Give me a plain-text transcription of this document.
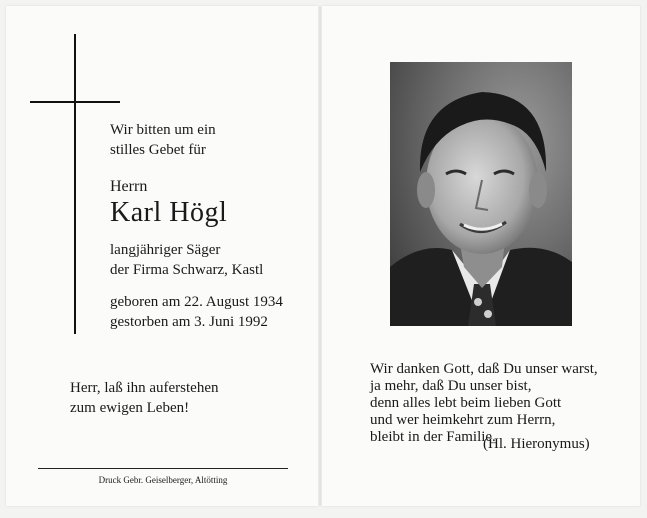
Wir bitten um ein
stilles Gebet für
Herrn
Karl Högl
langjähriger Säger
der Firma Schwarz, Kastl
geboren am 22. August 1934
gestorben am 3. Juni 1992
Herr, laß ihn auferstehen
zum ewigen Leben!
Druck Gebr. Geiselberger, Altötting
Wir danken Gott, daß Du unser warst,
ja mehr, daß Du unser bist,
denn alles lebt beim lieben Gott
und wer heimkehrt zum Herrn,
bleibt in der Familie.
(Hl. Hieronymus)
